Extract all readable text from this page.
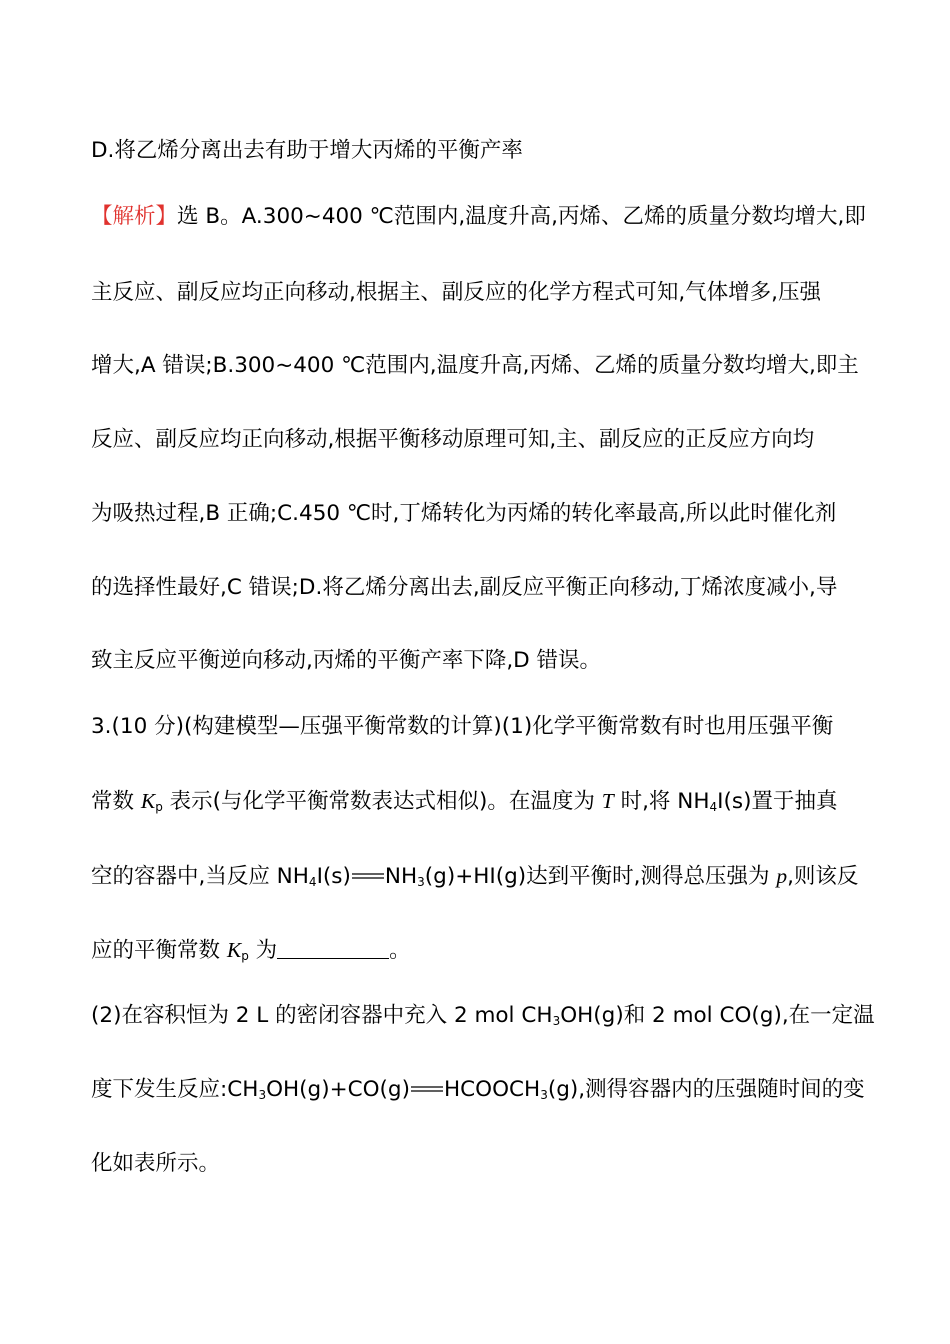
D.将乙烯分离出去有助于增大丙烯的平衡产率
【解析】选 B。A.300~400 ℃范围内,温度升高,丙烯、乙烯的质量分数均增大,即
主反应、副反应均正向移动,根据主、副反应的化学方程式可知,气体增多,压强
增大,A 错误;B.300~400 ℃范围内,温度升高,丙烯、乙烯的质量分数均增大,即主
反应、副反应均正向移动,根据平衡移动原理可知,主、副反应的正反应方向均
为吸热过程,B 正确;C.450 ℃时,丁烯转化为丙烯的转化率最高,所以此时催化剂
的选择性最好,C 错误;D.将乙烯分离出去,副反应平衡正向移动,丁烯浓度减小,导
致主反应平衡逆向移动,丙烯的平衡产率下降,D 错误。
3.(10 分)(构建模型—压强平衡常数的计算)(1)化学平衡常数有时也用压强平衡
常数 $K_p$ 表示(与化学平衡常数表达式相似)。在温度为 T 时,将 $NH_4I(s)$置于抽真
空的容器中,当反应 $NH_4I(s)$ $NH_3(g)+HI(g)$达到平衡时,测得总压强为 p,则该反
应的平衡常数 $K_p$ 为	。
(2)在容积恒为 2 L 的密闭容器中充入 2 mol $CH_3OH(g)$和 2 mol CO(g),在一定温
度下发生反应$:CH_3OH(g)+CO(g)$ $HCOOCH_3(g)$,测得容器内的压强随时间的变
化如表所示。
